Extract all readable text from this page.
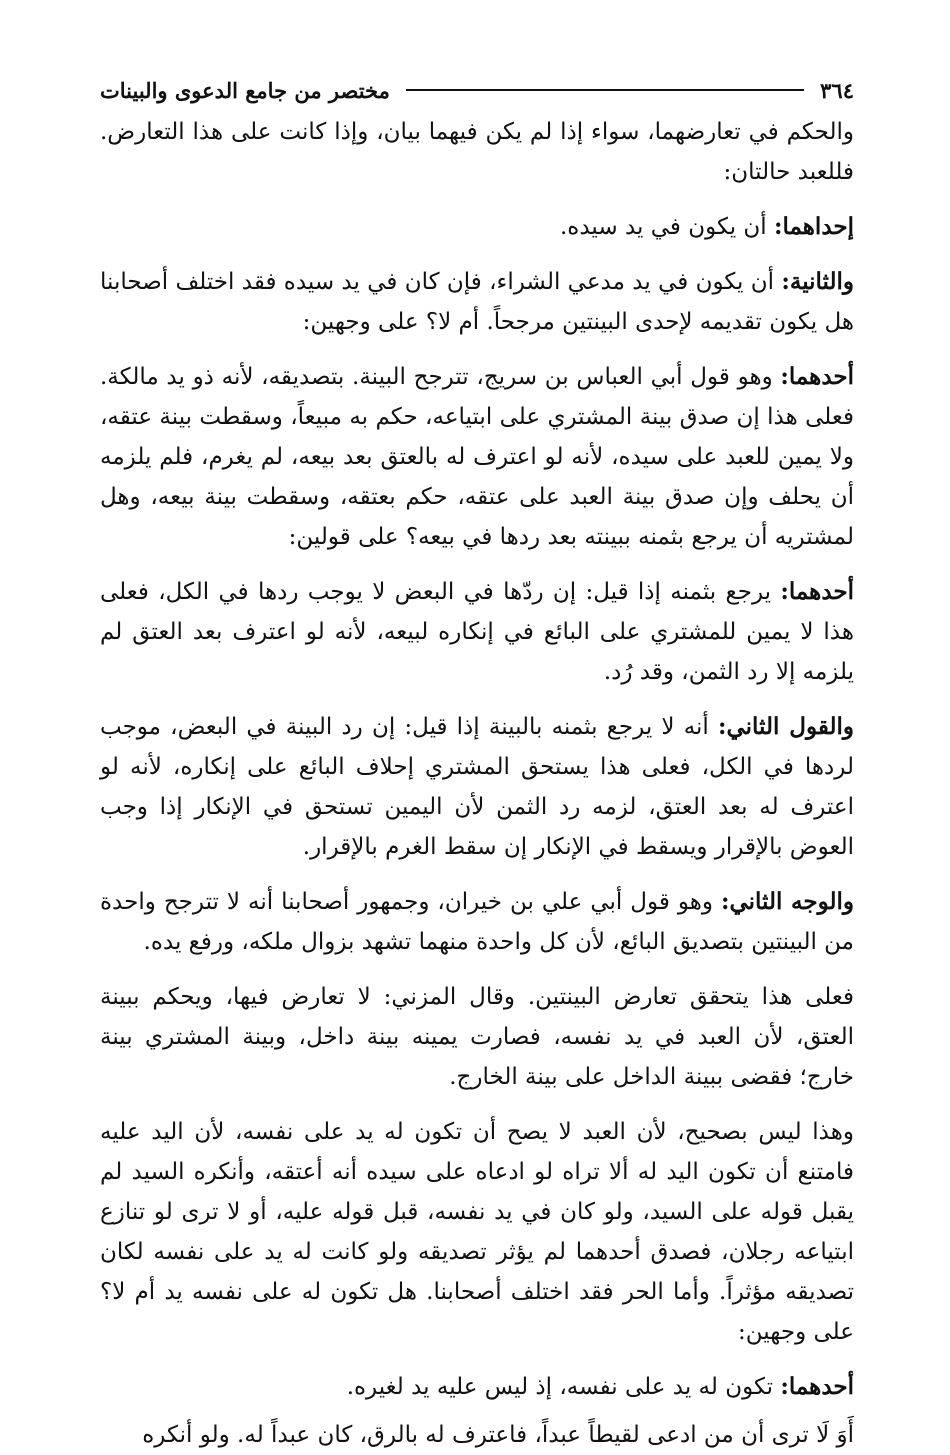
٣٦٤
مختصر من جامع الدعوى والبينات

والحكم في تعارضهما، سواء إذا لم يكن فيهما بيان، وإذا كانت على هذا التعارض. فللعبد حالتان:

إحداهما: أن يكون في يد سيده.

والثانية: أن يكون في يد مدعي الشراء، فإن كان في يد سيده فقد اختلف أصحابنا هل يكون تقديمه لإحدى البينتين مرجحاً. أم لا؟ على وجهين:

أحدهما: وهو قول أبي العباس بن سريج، تترجح البينة. بتصديقه، لأنه ذو يد مالكة. فعلى هذا إن صدق بينة المشتري على ابتياعه، حكم به مبيعاً، وسقطت بينة عتقه، ولا يمين للعبد على سيده، لأنه لو اعترف له بالعتق بعد بيعه، لم يغرم، فلم يلزمه أن يحلف وإن صدق بينة العبد على عتقه، حكم بعتقه، وسقطت بينة بيعه، وهل لمشتريه أن يرجع بثمنه ببينته بعد ردها في بيعه؟ على قولين:

أحدهما: يرجع بثمنه إذا قيل: إن ردّها في البعض لا يوجب ردها في الكل، فعلى هذا لا يمين للمشتري على البائع في إنكاره لبيعه، لأنه لو اعترف بعد العتق لم يلزمه إلا رد الثمن، وقد رُد.

والقول الثاني: أنه لا يرجع بثمنه بالبينة إذا قيل: إن رد البينة في البعض، موجب لردها في الكل، فعلى هذا يستحق المشتري إحلاف البائع على إنكاره، لأنه لو اعترف له بعد العتق، لزمه رد الثمن لأن اليمين تستحق في الإنكار إذا وجب العوض بالإقرار ويسقط في الإنكار إن سقط الغرم بالإقرار.

والوجه الثاني: وهو قول أبي علي بن خيران، وجمهور أصحابنا أنه لا تترجح واحدة من البينتين بتصديق البائع، لأن كل واحدة منهما تشهد بزوال ملكه، ورفع يده.

فعلى هذا يتحقق تعارض البينتين. وقال المزني: لا تعارض فيها، ويحكم ببينة العتق، لأن العبد في يد نفسه، فصارت يمينه بينة داخل، وبينة المشتري بينة خارج؛ فقضى ببينة الداخل على بينة الخارج.

وهذا ليس بصحيح، لأن العبد لا يصح أن تكون له يد على نفسه، لأن اليد عليه فامتنع أن تكون اليد له ألا تراه لو ادعاه على سيده أنه أعتقه، وأنكره السيد لم يقبل قوله على السيد، ولو كان في يد نفسه، قبل قوله عليه، أو لا ترى لو تنازع ابتياعه رجلان، فصدق أحدهما لم يؤثر تصديقه ولو كانت له يد على نفسه لكان تصديقه مؤثراً. وأما الحر فقد اختلف أصحابنا. هل تكون له على نفسه يد أم لا؟ على وجهين:

أحدهما: تكون له يد على نفسه، إذ ليس عليه يد لغيره.

أَوَ لَا ترى أن من ادعى لقيطاً عبداً، فاعترف له بالرق، كان عبداً له. ولو أنكره
